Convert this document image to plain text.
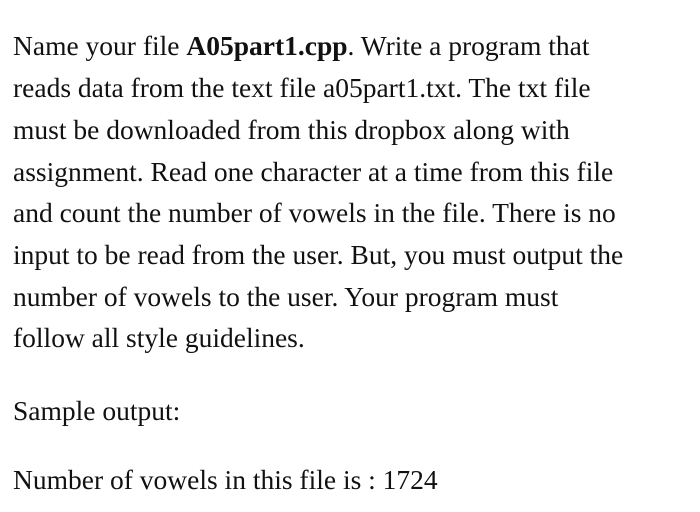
Name your file A05part1.cpp. Write a program that
reads data from the text file a05part1.txt. The txt file
must be downloaded from this dropbox along with
assignment. Read one character at a time from this file
and count the number of vowels in the file. There is no
input to be read from the user. But, you must output the
number of vowels to the user. Your program must
follow all style guidelines.
Sample output:
Number of vowels in this file is : 1724
